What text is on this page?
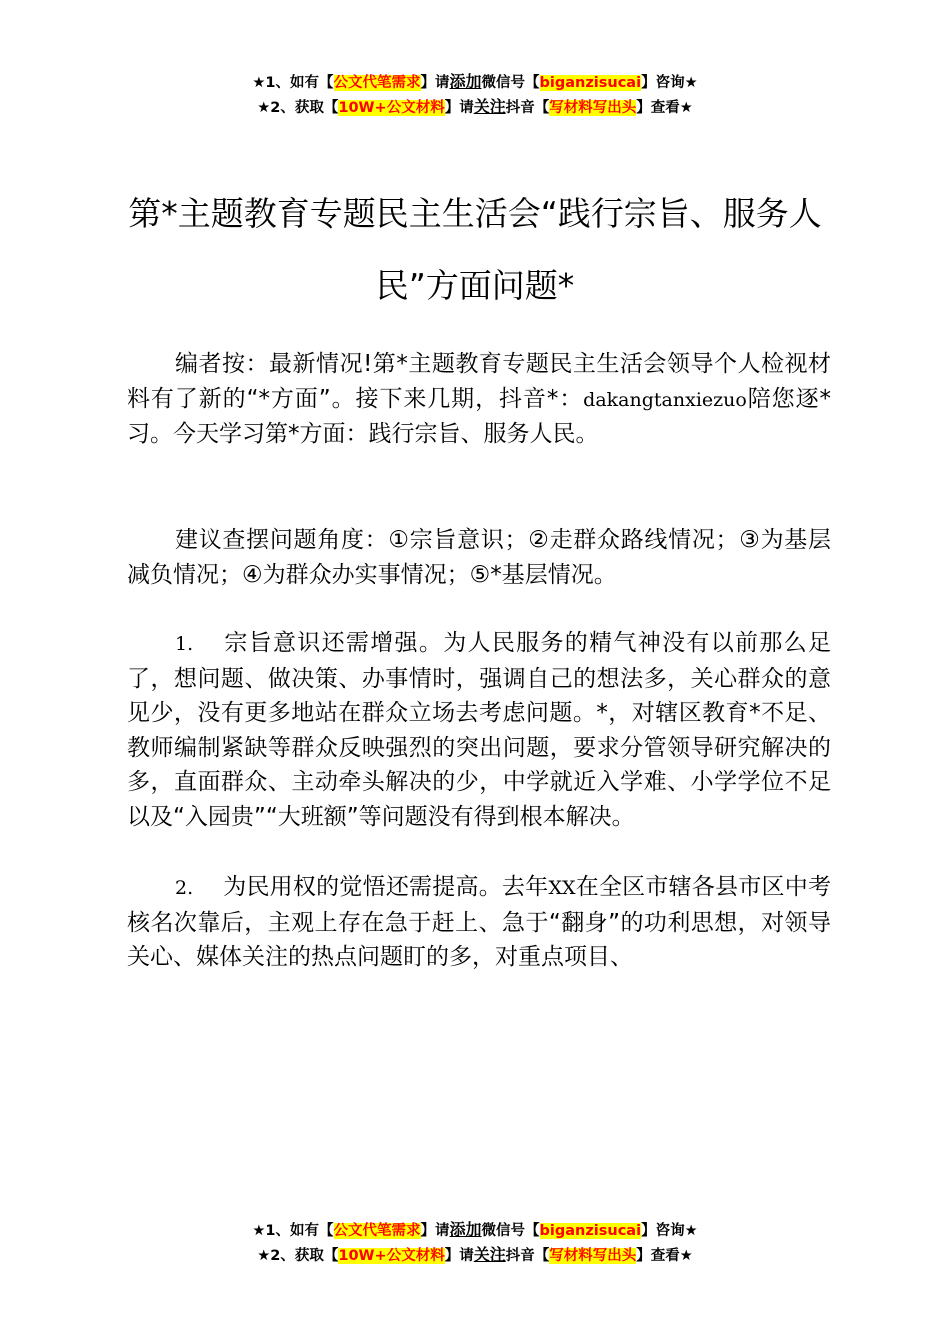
★1、如有【公文代笔需求】请添加微信号【biganzisucai】咨询★
★2、获取【10W+公文材料】请关注抖音【写材料写出头】查看★
第*主题教育专题民主生活会“践行宗旨、服务人民”方面问题*
编者按：最新情况!第*主题教育专题民主生活会领导个人检视材料有了新的“*方面”。接下来几期，抖音*：dakangtanxiezuo陪您逐*习。今天学习第*方面：践行宗旨、服务人民。
建议查摆问题角度：①宗旨意识；②走群众路线情况；③为基层减负情况；④为群众办实事情况；⑤*基层情况。
1. 宗旨意识还需增强。为人民服务的精气神没有以前那么足了，想问题、做决策、办事情时，强调自己的想法多，关心群众的意见少，没有更多地站在群众立场去考虑问题。*，对辖区教育*不足、教师编制紧缺等群众反映强烈的突出问题，要求分管领导研究解决的多，直面群众、主动牵头解决的少，中学就近入学难、小学学位不足以及“入园贵”“大班额”等问题没有得到根本解决。
2. 为民用权的觉悟还需提高。去年XX在全区市辖各县市区中考核名次靠后，主观上存在急于赶上、急于“翻身”的功利思想，对领导关心、媒体关注的热点问题盯的多，对重点项目、
★1、如有【公文代笔需求】请添加微信号【biganzisucai】咨询★
★2、获取【10W+公文材料】请关注抖音【写材料写出头】查看★
